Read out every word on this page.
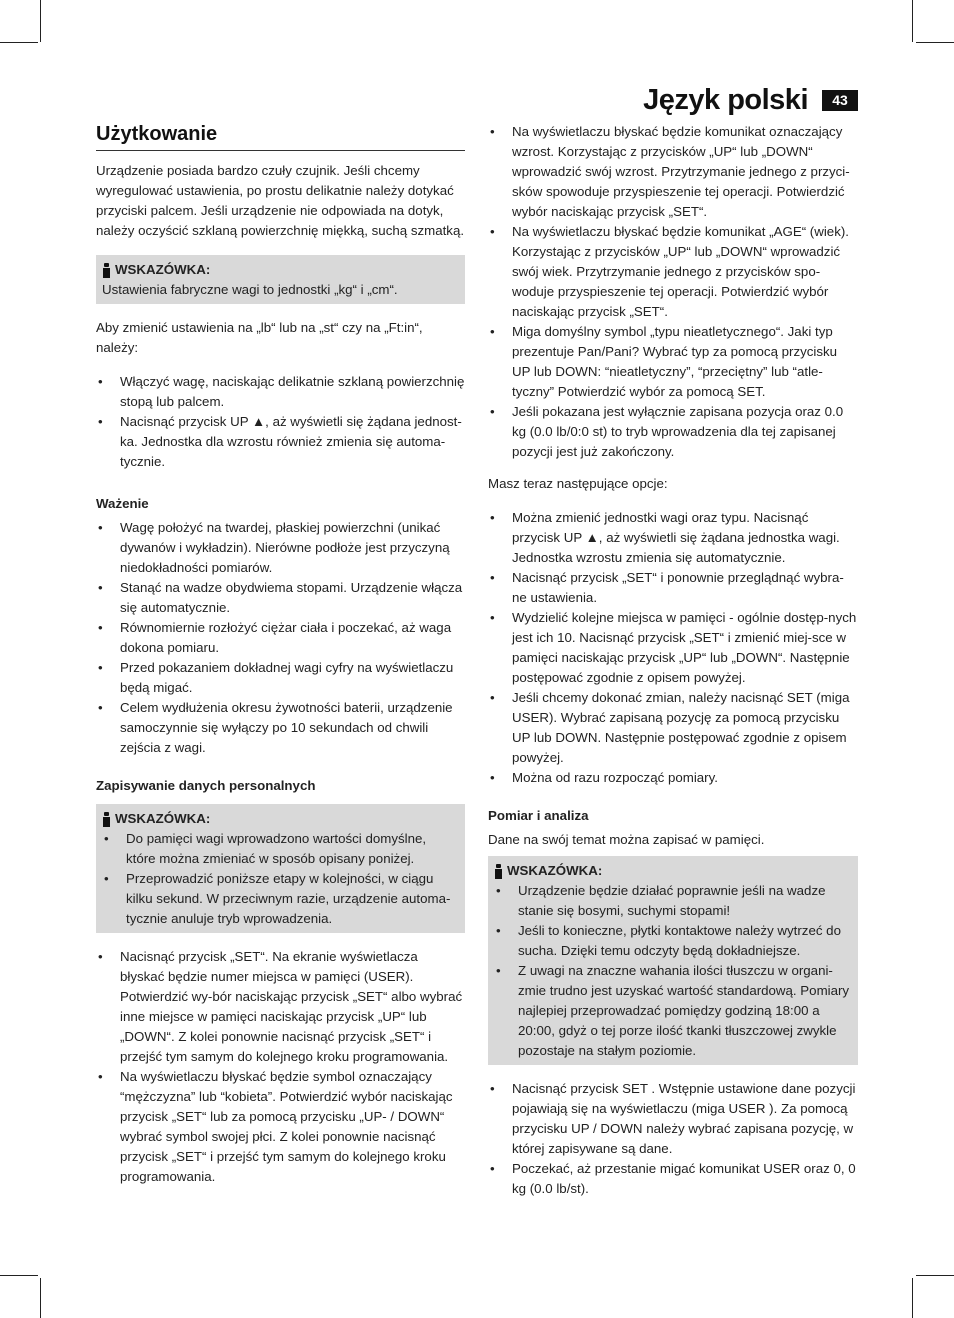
Język polski	43
Użytkowanie

Urządzenie posiada bardzo czuły czujnik. Jeśli chcemy wyregulować ustawienia, po prostu delikatnie należy dotykać przyciski palcem. Jeśli urządzenie nie odpowiada na dotyk, należy oczyścić szklaną powierzchnię miękką, suchą szmatką.

WSKAZÓWKA:
Ustawienia fabryczne wagi to jednostki „kg“ i „cm“.

Aby zmienić ustawienia na „lb“ lub na „st“ czy na „Ft:in“, należy:

• Włączyć wagę, naciskając delikatnie szklaną powierzchnię stopą lub palcem.
• Nacisnąć przycisk UP ▲, aż wyświetli się żądana jednost-ka. Jednostka dla wzrostu również zmienia się automa-tycznie.
Ważenie
• Wagę położyć na twardej, płaskiej powierzchni (unikać dywanów i wykładzin). Nierówne podłoże jest przyczyną niedokładności pomiarów.
• Stanąć na wadze obydwiema stopami. Urządzenie włącza się automatycznie.
• Równomiernie rozłożyć ciężar ciała i poczekać, aż waga dokona pomiaru.
• Przed pokazaniem dokładnej wagi cyfry na wyświetlaczu będą migać.
• Celem wydłużenia okresu żywotności baterii, urządzenie samoczynnie się wyłączy po 10 sekundach od chwili zejścia z wagi.
Zapisywanie danych personalnych
WSKAZÓWKA:
• Do pamięci wagi wprowadzono wartości domyślne, które można zmieniać w sposób opisany poniżej.
• Przeprowadzić poniższe etapy w kolejności, w ciągu kilku sekund. W przeciwnym razie, urządzenie automa-tycznie anuluje tryb wprowadzenia.
• Nacisnąć przycisk „SET“. Na ekranie wyświetlacza błyskać będzie numer miejsca w pamięci (USER). Potwierdzić wy-bór naciskając przycisk „SET“ albo wybrać inne miejsce w pamięci naciskając przycisk „UP“ lub „DOWN“. Z kolei ponownie nacisnąć przycisk „SET“ i przejść tym samym do kolejnego kroku programowania.
• Na wyświetlaczu błyskać będzie symbol oznaczający “mężczyzna” lub “kobieta”. Potwierdzić wybór naciskając przycisk „SET“ lub za pomocą przycisku „UP- / DOWN“ wybrać symbol swojej płci. Z kolei ponownie nacisnąć przycisk „SET“ i przejść tym samym do kolejnego kroku programowania.
• Na wyświetlaczu błyskać będzie komunikat oznaczający wzrost. Korzystając z przycisków „UP“ lub „DOWN“ wprowadzić swój wzrost. Przytrzymanie jednego z przyci-sków spowoduje przyspieszenie tej operacji. Potwierdzić wybór naciskając przycisk „SET“.
• Na wyświetlaczu błyskać będzie komunikat „AGE“ (wiek). Korzystając z przycisków „UP“ lub „DOWN“ wprowadzić swój wiek. Przytrzymanie jednego z przycisków spo-woduje przyspieszenie tej operacji. Potwierdzić wybór naciskając przycisk „SET“.
• Miga domyślny symbol „typu nieatletycznego“. Jaki typ prezentuje Pan/Pani? Wybrać typ za pomocą przycisku UP lub DOWN: “nieatletyczny”, “przeciętny” lub “atle-tyczny” Potwierdzić wybór za pomocą SET.
• Jeśli pokazana jest wyłącznie zapisana pozycja oraz 0.0 kg (0.0 lb/0:0 st) to tryb wprowadzenia dla tej zapisanej pozycji jest już zakończony.

Masz teraz następujące opcje:

• Można zmienić jednostki wagi oraz typu. Nacisnąć przycisk UP ▲, aż wyświetli się żądana jednostka wagi. Jednostka wzrostu zmienia się automatycznie.
• Nacisnąć przycisk „SET“ i ponownie przeglądnąć wybra-ne ustawienia.
• Wydzielić kolejne miejsca w pamięci - ogólnie dostęp-nych jest ich 10. Nacisnąć przycisk „SET“ i zmienić miej-sce w pamięci naciskając przycisk „UP“ lub „DOWN“. Następnie postępować zgodnie z opisem powyżej.
• Jeśli chcemy dokonać zmian, należy nacisnąć SET (miga USER). Wybrać zapisaną pozycję za pomocą przycisku UP lub DOWN. Następnie postępować zgodnie z opisem powyżej.
• Można od razu rozpocząć pomiary.
Pomiar i analiza

Dane na swój temat można zapisać w pamięci.

WSKAZÓWKA:
• Urządzenie będzie działać poprawnie jeśli na wadze stanie się bosymi, suchymi stopami!
• Jeśli to konieczne, płytki kontaktowe należy wytrzeć do sucha. Dzięki temu odczyty będą dokładniejsze.
• Z uwagi na znaczne wahania ilości tłuszczu w organi-zmie trudno jest uzyskać wartość standardową. Pomiary najlepiej przeprowadzać pomiędzy godziną 18:00 a 20:00, gdyż o tej porze ilość tkanki tłuszczowej zwykle pozostaje na stałym poziomie.
• Nacisnąć przycisk SET . Wstępnie ustawione dane pozycji pojawiają się na wyświetlaczu (miga USER ). Za pomocą przycisku UP / DOWN należy wybrać zapisana pozycję, w której zapisywane są dane.
• Poczekać, aż przestanie migać komunikat USER oraz 0, 0 kg (0.0 lb/st).
